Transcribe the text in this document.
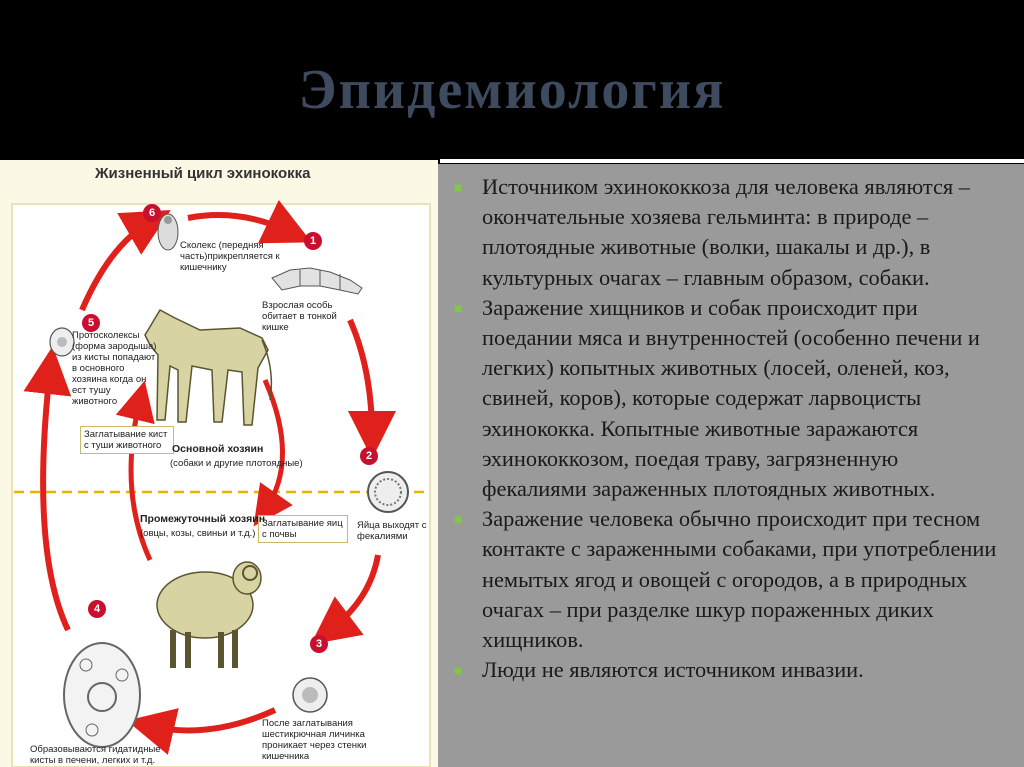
Эпидемиология
Жизненный цикл эхинококка
6
1
2
3
4
5
Сколекс (передняя часть)прикрепляется к кишечнику
Взрослая особь обитает в тонкой кишке
Яйца выходят с фекалиями
После заглатывания шестикрючная личинка проникает через стенки кишечника
Образовываются гидатидные кисты в печени, легких и т.д.
Протосколексы (форма зародыша) из кисты попадают в основного хозяина когда он ест тушу животного
Заглатывание кист с туши животного
Заглатывание яиц с почвы
Основной хозяин
(собаки и другие плотоядные)
Промежуточный хозяин
(овцы, козы, свиньи и т.д.)

■ Источником эхинококкоза для человека являются – окончательные хозяева гельминта: в природе – плотоядные животные (волки, шакалы и др.), в культурных очагах – главным образом, собаки.

■ Заражение хищников и собак происходит при поедании мяса и внутренностей (особенно печени и легких) копытных животных (лосей, оленей, коз, свиней, коров), которые содержат ларвоцисты эхинококка. Копытные животные заражаются эхинококкозом, поедая траву, загрязненную фекалиями зараженных плотоядных животных.

■ Заражение человека обычно происходит при тесном контакте с зараженными собаками, при употреблении немытых ягод и овощей с огородов, а в природных очагах – при разделке шкур пораженных диких хищников.

■ Люди не являются источником инвазии.
